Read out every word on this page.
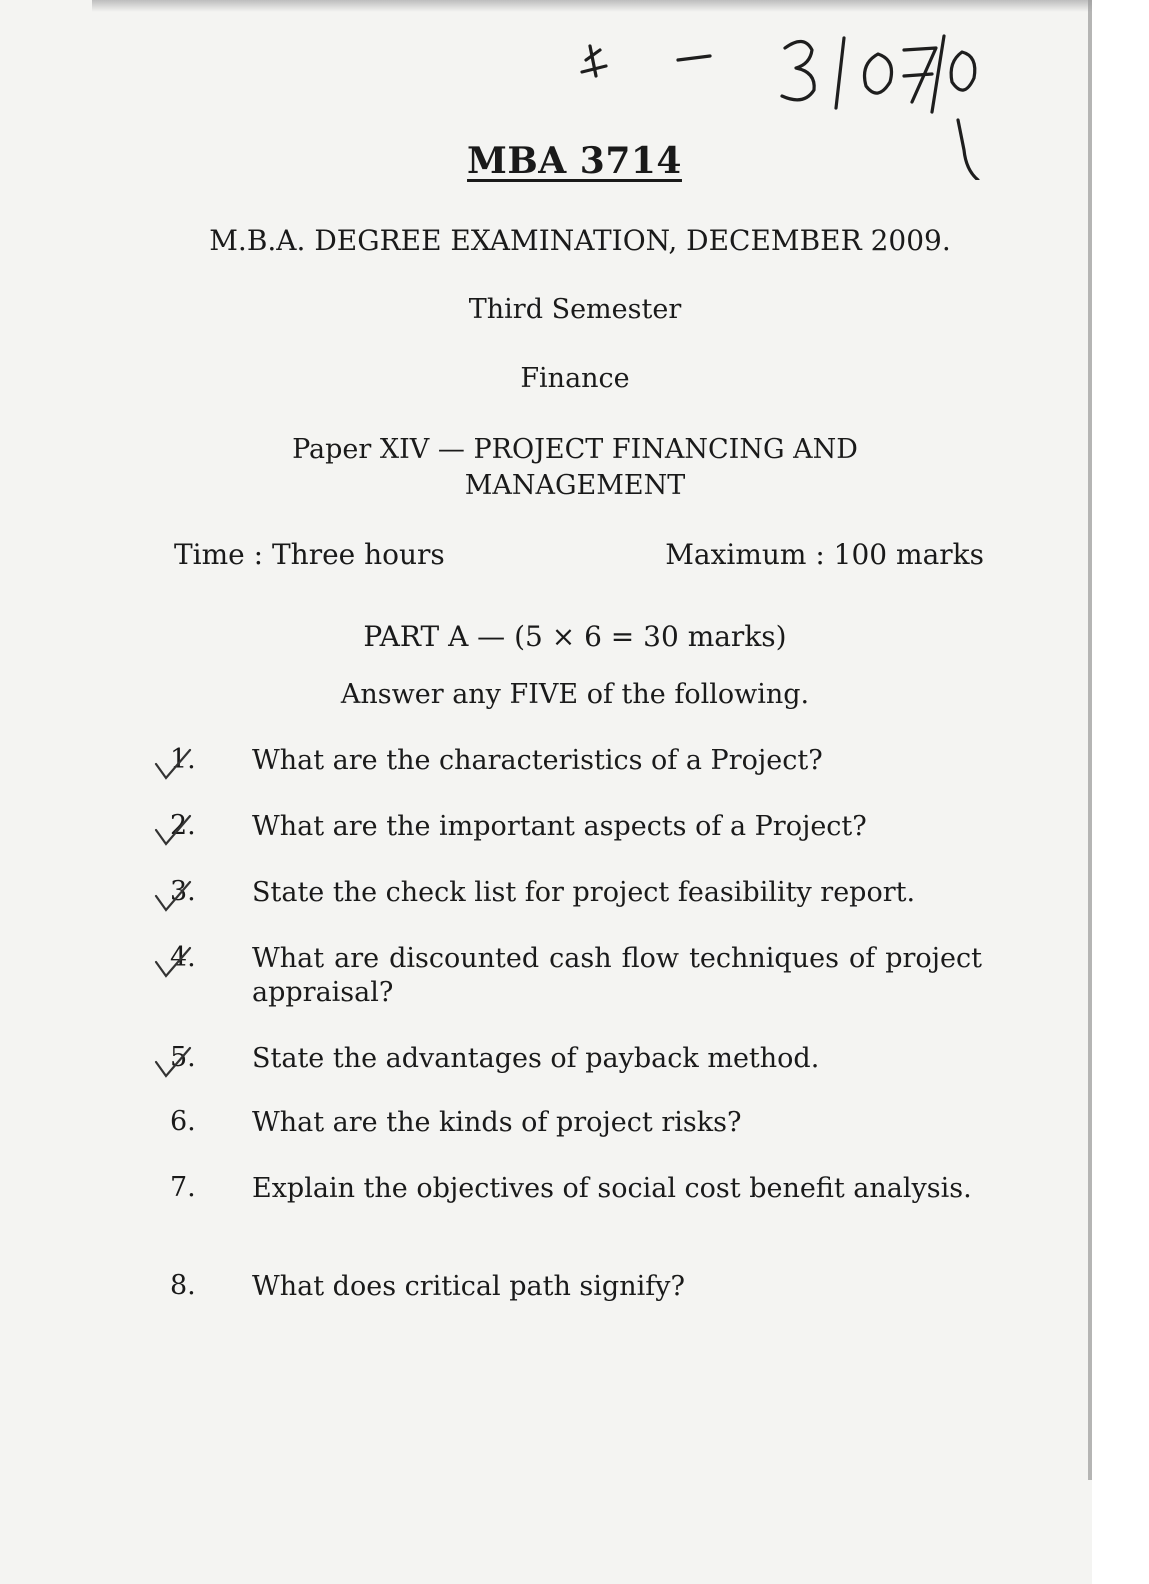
MBA 3714
M.B.A. DEGREE EXAMINATION, DECEMBER 2009.
Third Semester
Finance
Paper XIV — PROJECT FINANCING AND
MANAGEMENT
Time : Three hours	Maximum : 100 marks
PART A — (5 × 6 = 30 marks)
Answer any FIVE of the following.
1.	What are the characteristics of a Project?
2.	What are the important aspects of a Project?
3.	State the check list for project feasibility report.
4.	What are discounted cash flow techniques of project appraisal?
5.	State the advantages of payback method.
6.	What are the kinds of project risks?
7.	Explain the objectives of social cost benefit analysis.
8.	What does critical path signify?
